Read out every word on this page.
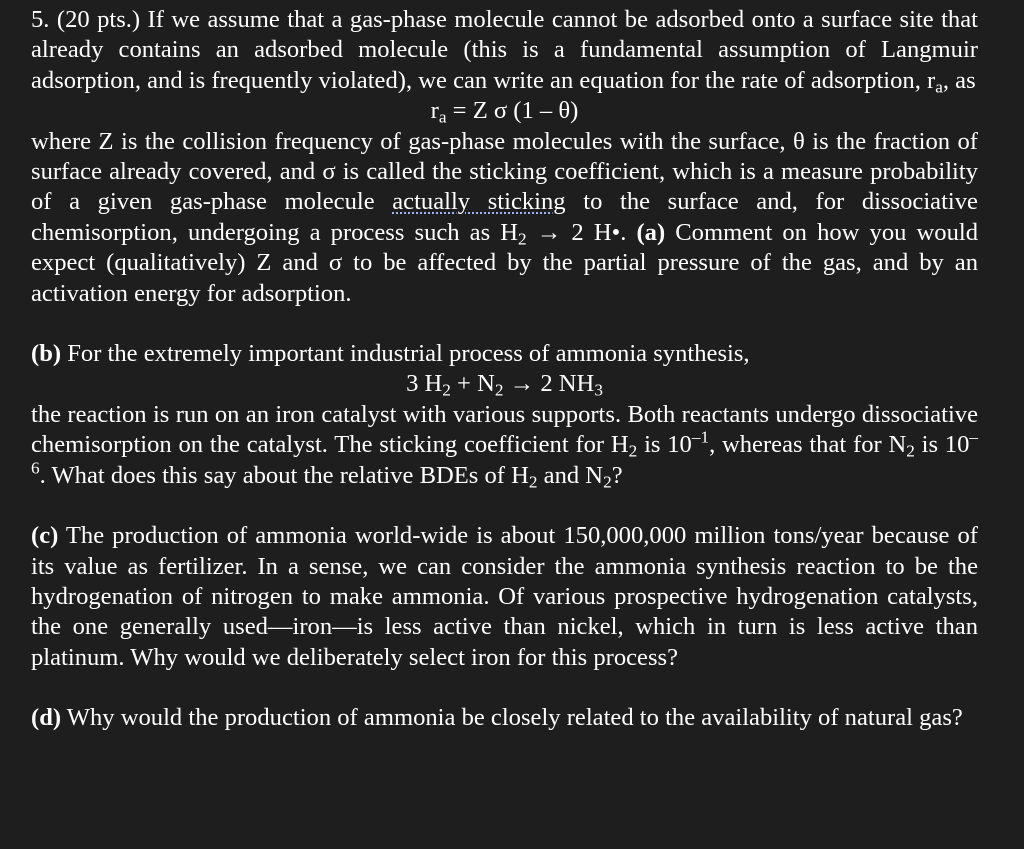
5. (20 pts.) If we assume that a gas-phase molecule cannot be adsorbed onto a surface site that already contains an adsorbed molecule (this is a fundamental assumption of Langmuir adsorption, and is frequently violated), we can write an equation for the rate of adsorption, $r_a$, as

$r_a = Z$ σ (1 – θ)

where Z is the collision frequency of gas-phase molecules with the surface, θ is the fraction of surface already covered, and σ is called the sticking coefficient, which is a measure probability of a given gas-phase molecule actually sticking to the surface and, for dissociative chemisorption, undergoing a process such as $H_2 \to 2$ H•. (a) Comment on how you would expect (qualitatively) Z and σ to be affected by the partial pressure of the gas, and by an activation energy for adsorption.

(b) For the extremely important industrial process of ammonia synthesis,

3 $H_2 + N_2 \to 2$ $NH_3$

the reaction is run on an iron catalyst with various supports. Both reactants undergo dissociative chemisorption on the catalyst. The sticking coefficient for $H_2$ is $10^{-1}$, whereas that for $N_2$ is $10^{-6}$. What does this say about the relative BDEs of $H_2$ and $N_2$?

(c) The production of ammonia world-wide is about 150,000,000 million tons/year because of its value as fertilizer. In a sense, we can consider the ammonia synthesis reaction to be the hydrogenation of nitrogen to make ammonia. Of various prospective hydrogenation catalysts, the one generally used—iron—is less active than nickel, which in turn is less active than platinum. Why would we deliberately select iron for this process?

(d) Why would the production of ammonia be closely related to the availability of natural gas?
